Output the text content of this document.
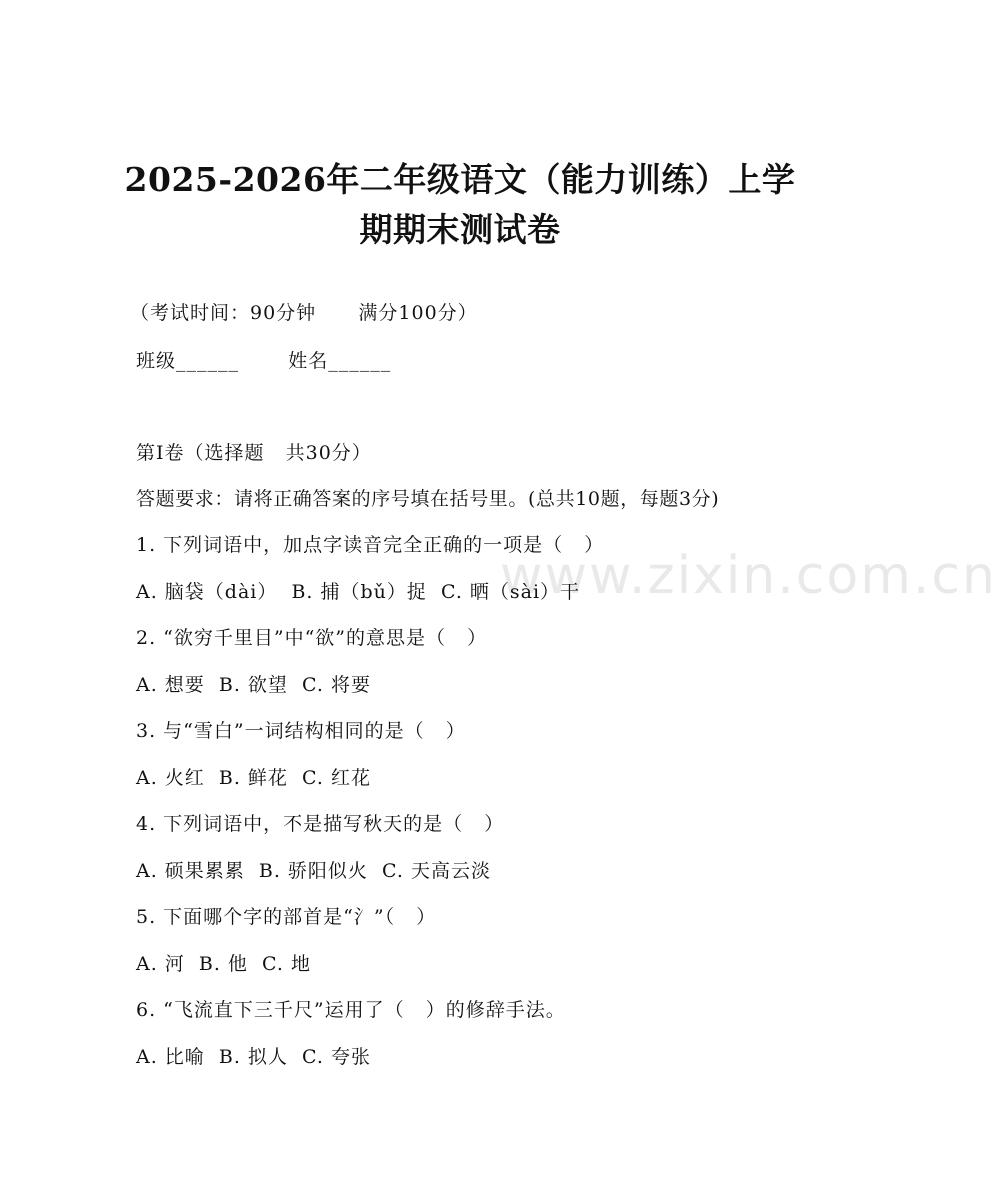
www.zixin.com.cn
2025-2026年二年级语文（能力训练）上学
期期末测试卷
（考试时间：90分钟      满分100分）
班级______       姓名______
第I卷（选择题   共30分）
答题要求：请将正确答案的序号填在括号里。(总共10题，每题3分)
1. 下列词语中，加点字读音完全正确的一项是（   ）
A. 脑袋（dài）  B. 捕（bǔ）捉  C. 晒（sài）干
2. “欲穷千里目”中“欲”的意思是（   ）
A. 想要  B. 欲望  C. 将要
3. 与“雪白”一词结构相同的是（   ）
A. 火红  B. 鲜花  C. 红花
4. 下列词语中，不是描写秋天的是（   ）
A. 硕果累累  B. 骄阳似火  C. 天高云淡
5. 下面哪个字的部首是“氵”（   ）
A. 河  B. 他  C. 地
6. “飞流直下三千尺”运用了（   ）的修辞手法。
A. 比喻  B. 拟人  C. 夸张
